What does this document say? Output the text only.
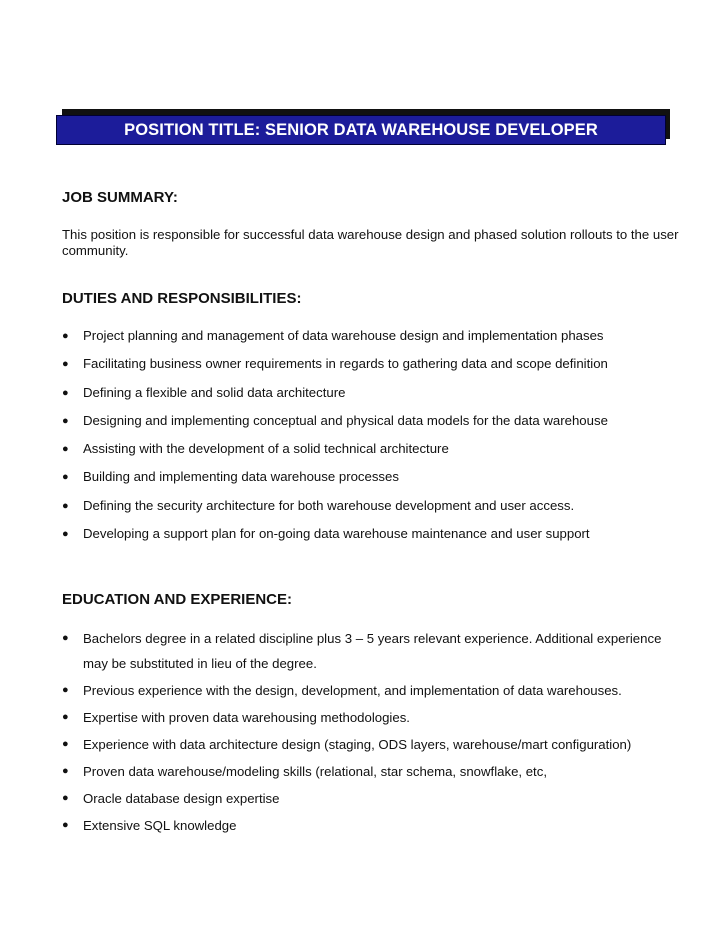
POSITION TITLE: SENIOR DATA WAREHOUSE DEVELOPER
JOB SUMMARY:

This position is responsible for successful data warehouse design and phased solution rollouts to the user community.

DUTIES AND RESPONSIBILITIES:
● Project planning and management of data warehouse design and implementation phases
● Facilitating business owner requirements in regards to gathering data and scope definition
● Defining a flexible and solid data architecture
● Designing and implementing conceptual and physical data models for the data warehouse
● Assisting with the development of a solid technical architecture
● Building and implementing data warehouse processes
● Defining the security architecture for both warehouse development and user access.
● Developing a support plan for on-going data warehouse maintenance and user support
EDUCATION AND EXPERIENCE:
● Bachelors degree in a related discipline plus 3 – 5 years relevant experience. Additional experience may be substituted in lieu of the degree.
● Previous experience with the design, development, and implementation of data warehouses.
● Expertise with proven data warehousing methodologies.
● Experience with data architecture design (staging, ODS layers, warehouse/mart configuration)
● Proven data warehouse/modeling skills (relational, star schema, snowflake, etc,
● Oracle database design expertise
● Extensive SQL knowledge
